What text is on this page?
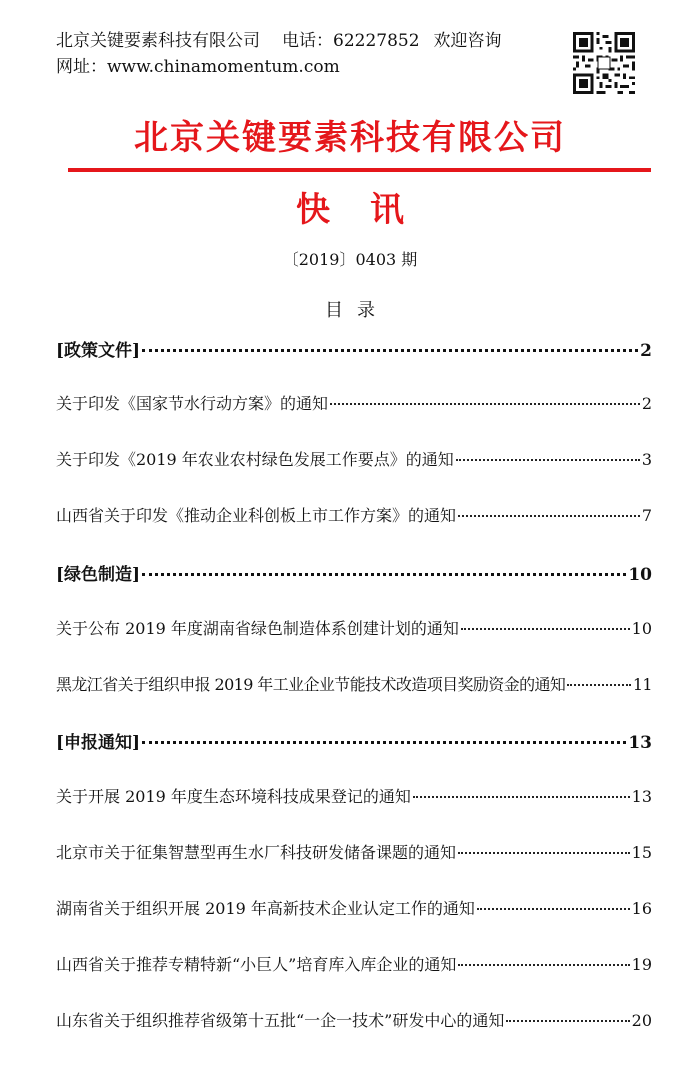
北京关键要素科技有限公司 电话：62227852 欢迎咨询
网址：www.chinamomentum.com
北京关键要素科技有限公司
快讯
〔2019〕0403 期
目录
[政策文件]	2
关于印发《国家节水行动方案》的通知	2
关于印发《2019 年农业农村绿色发展工作要点》的通知	3
山西省关于印发《推动企业科创板上市工作方案》的通知	7
[绿色制造]	10
关于公布 2019 年度湖南省绿色制造体系创建计划的通知	10
黑龙江省关于组织申报 2019 年工业企业节能技术改造项目奖励资金的通知	11
[申报通知]	13
关于开展 2019 年度生态环境科技成果登记的通知	13
北京市关于征集智慧型再生水厂科技研发储备课题的通知	15
湖南省关于组织开展 2019 年高新技术企业认定工作的通知	16
山西省关于推荐专精特新“小巨人”培育库入库企业的通知	19
山东省关于组织推荐省级第十五批“一企一技术”研发中心的通知	20
